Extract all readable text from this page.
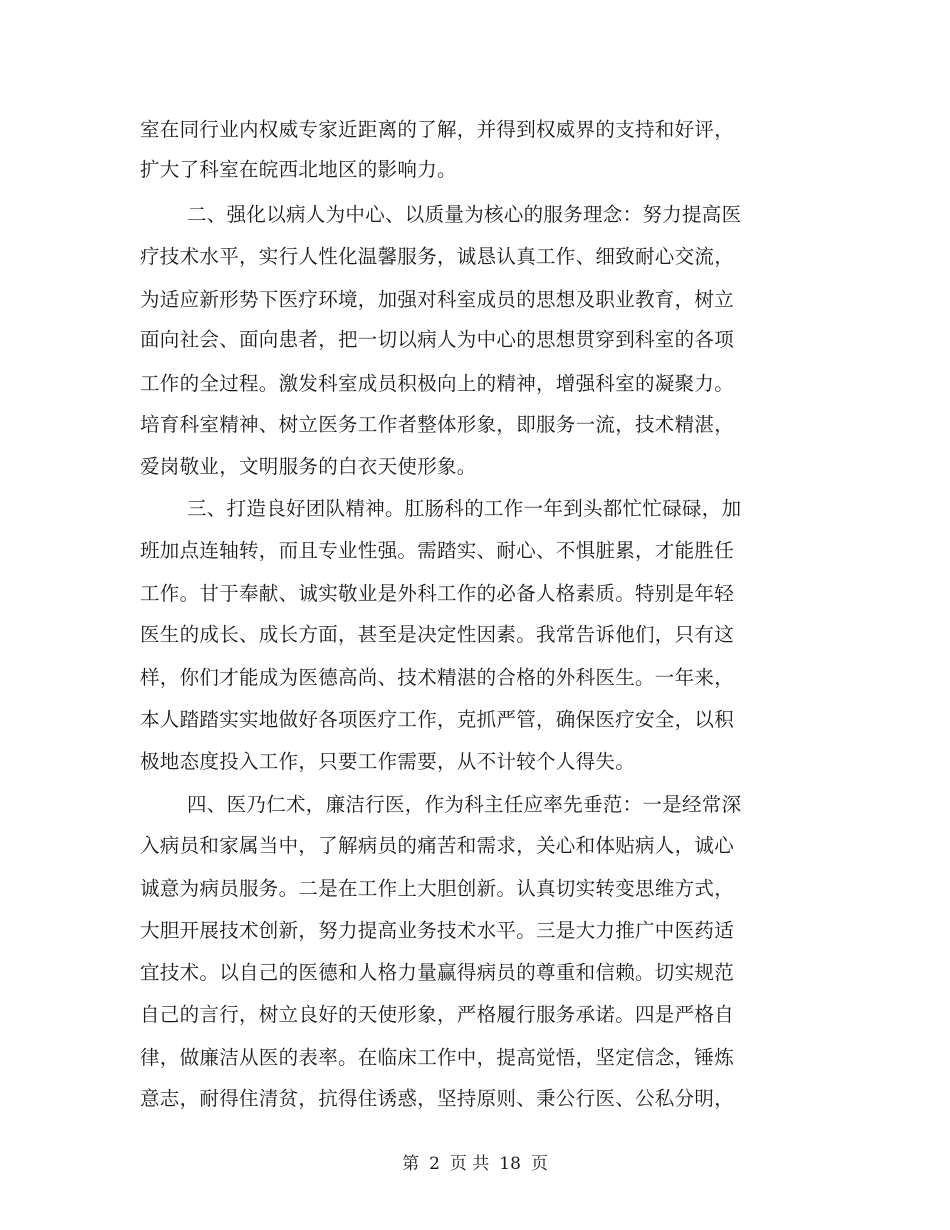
室在同行业内权威专家近距离的了解，并得到权威界的支持和好评，
扩大了科室在皖西北地区的影响力。
二、强化以病人为中心、以质量为核心的服务理念：努力提高医
疗技术水平，实行人性化温馨服务，诚恳认真工作、细致耐心交流，
为适应新形势下医疗环境，加强对科室成员的思想及职业教育，树立
面向社会、面向患者，把一切以病人为中心的思想贯穿到科室的各项
工作的全过程。激发科室成员积极向上的精神，增强科室的凝聚力。
培育科室精神、树立医务工作者整体形象，即服务一流，技术精湛，
爱岗敬业，文明服务的白衣天使形象。
三、打造良好团队精神。肛肠科的工作一年到头都忙忙碌碌，加
班加点连轴转，而且专业性强。需踏实、耐心、不惧脏累，才能胜任
工作。甘于奉献、诚实敬业是外科工作的必备人格素质。特别是年轻
医生的成长、成长方面，甚至是决定性因素。我常告诉他们，只有这
样，你们才能成为医德高尚、技术精湛的合格的外科医生。一年来，
本人踏踏实实地做好各项医疗工作，克抓严管，确保医疗安全，以积
极地态度投入工作，只要工作需要，从不计较个人得失。
四、医乃仁术，廉洁行医，作为科主任应率先垂范：一是经常深
入病员和家属当中，了解病员的痛苦和需求，关心和体贴病人，诚心
诚意为病员服务。二是在工作上大胆创新。认真切实转变思维方式，
大胆开展技术创新，努力提高业务技术水平。三是大力推广中医药适
宜技术。以自己的医德和人格力量赢得病员的尊重和信赖。切实规范
自己的言行，树立良好的天使形象，严格履行服务承诺。四是严格自
律，做廉洁从医的表率。在临床工作中，提高觉悟，坚定信念，锤炼
意志，耐得住清贫，抗得住诱惑，坚持原则、秉公行医、公私分明，
第 2 页 共 18 页
